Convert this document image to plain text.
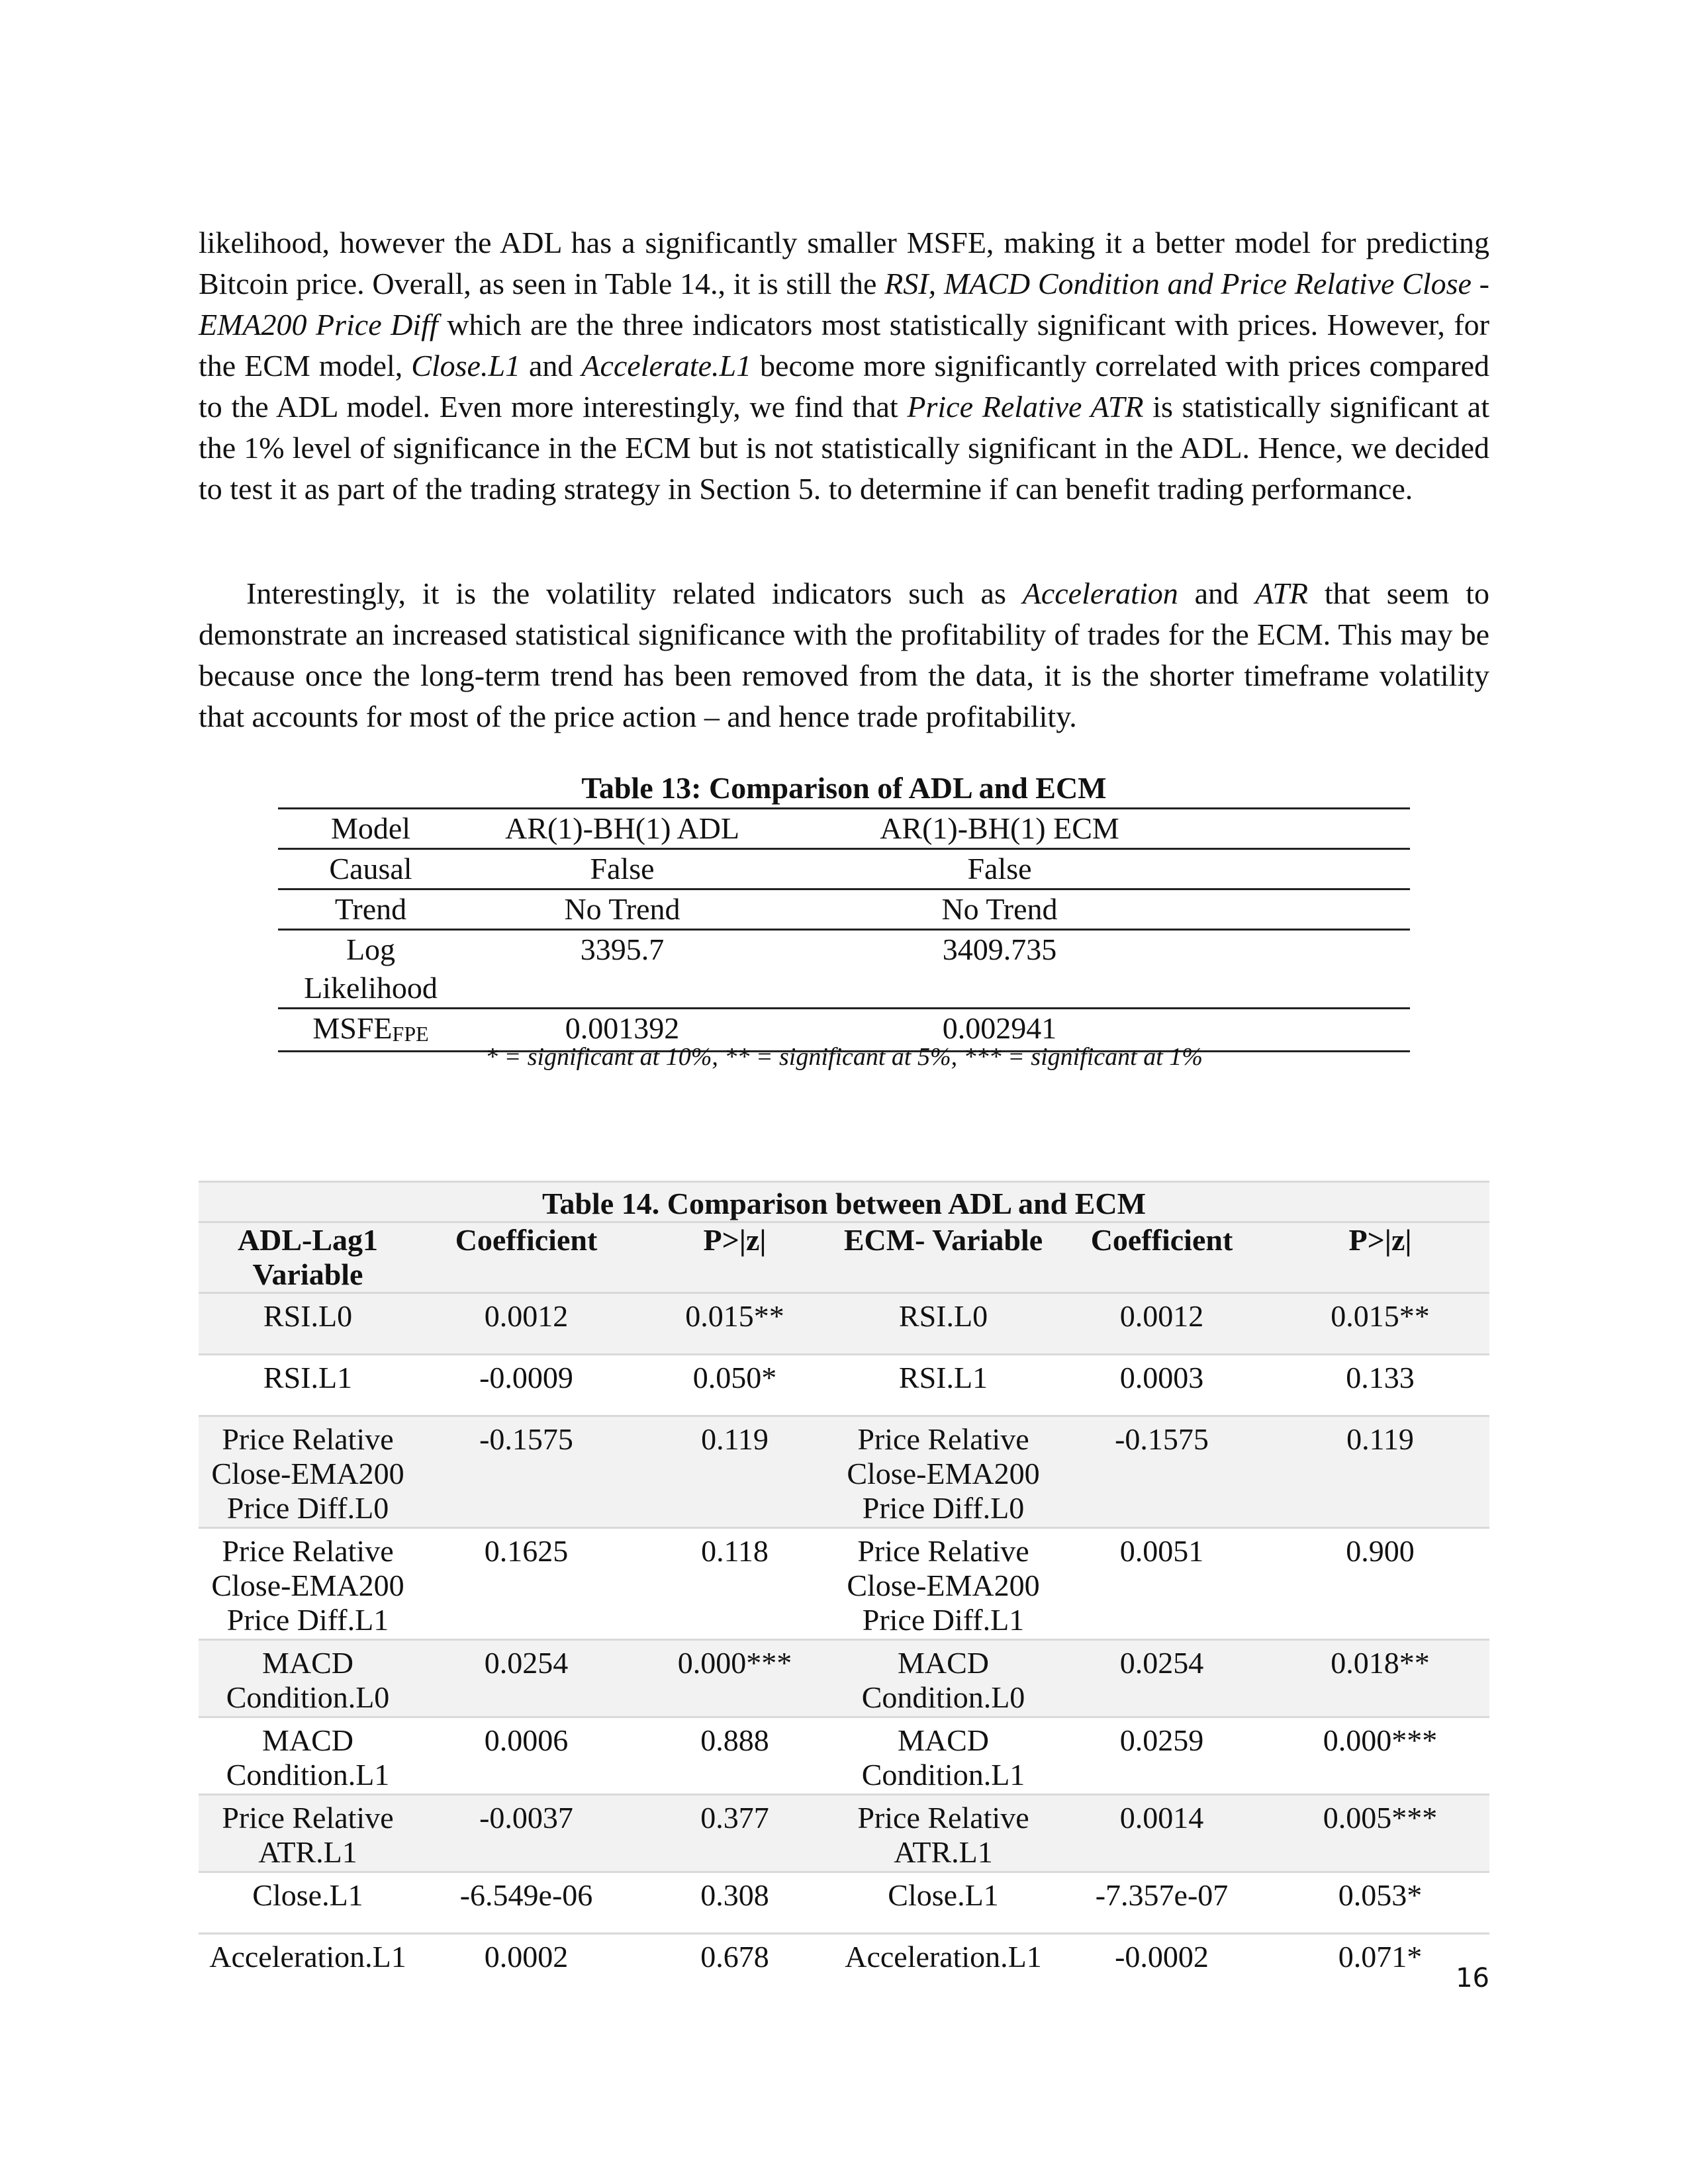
likelihood, however the ADL has a significantly smaller MSFE, making it a better model for predicting Bitcoin price. Overall, as seen in Table 14., it is still the RSI, MACD Condition and Price Relative Close - EMA200 Price Diff which are the three indicators most statistically significant with prices. However, for the ECM model, Close.L1 and Accelerate.L1 become more significantly correlated with prices compared to the ADL model. Even more interestingly, we find that Price Relative ATR is statistically significant at the 1% level of significance in the ECM but is not statistically significant in the ADL. Hence, we decided to test it as part of the trading strategy in Section 5. to determine if can benefit trading performance.

Interestingly, it is the volatility related indicators such as Acceleration and ATR that seem to demonstrate an increased statistical significance with the profitability of trades for the ECM. This may be because once the long-term trend has been removed from the data, it is the shorter timeframe volatility that accounts for most of the price action – and hence trade profitability.

Table 13: Comparison of ADL and ECM
Model	AR(1)-BH(1) ADL	AR(1)-BH(1) ECM	
Causal	False	False	
Trend	No Trend	No Trend	
Log Likelihood	3395.7	3409.735	
MSFEFPE	0.001392	0.002941	
* = significant at 10%, ** = significant at 5%, *** = significant at 1%
Table 14. Comparison between ADL and ECM					
ADL-Lag1 Variable	Coefficient	P>|z|	ECM- Variable	Coefficient	P>|z|
RSI.L0	0.0012	0.015**	RSI.L0	0.0012	0.015**
RSI.L1	-0.0009	0.050*	RSI.L1	0.0003	0.133
Price Relative Close-EMA200 Price Diff.L0	-0.1575	0.119	Price Relative Close-EMA200 Price Diff.L0	-0.1575	0.119
Price Relative Close-EMA200 Price Diff.L1	0.1625	0.118	Price Relative Close-EMA200 Price Diff.L1	0.0051	0.900
MACD Condition.L0	0.0254	0.000***	MACD Condition.L0	0.0254	0.018**
MACD Condition.L1	0.0006	0.888	MACD Condition.L1	0.0259	0.000***
Price Relative ATR.L1	-0.0037	0.377	Price Relative ATR.L1	0.0014	0.005***
Close.L1	-6.549e-06	0.308	Close.L1	-7.357e-07	0.053*
Acceleration.L1	0.0002	0.678	Acceleration.L1	-0.0002	0.071*
16
